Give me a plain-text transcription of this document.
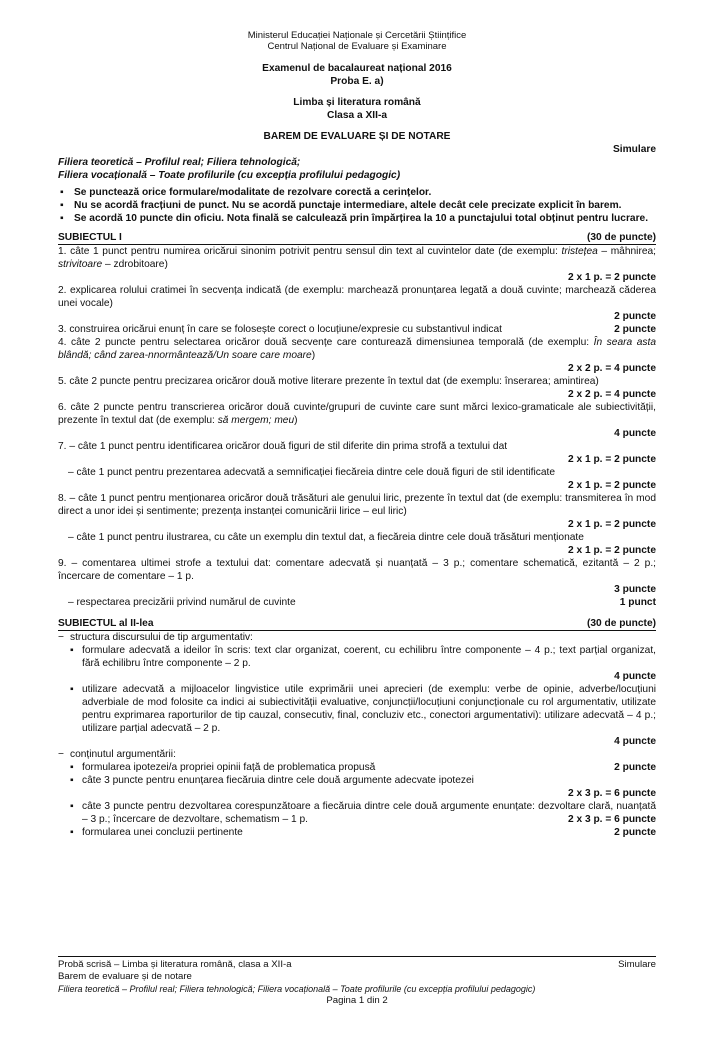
Ministerul Educației Naționale și Cercetării Științifice
Centrul Național de Evaluare și Examinare
Examenul de bacalaureat național 2016
Proba E. a)
Limba și literatura română
Clasa a XII-a
BAREM DE EVALUARE ȘI DE NOTARE
Simulare
Filiera teoretică – Profilul real; Filiera tehnologică;
Filiera vocațională – Toate profilurile (cu excepția profilului pedagogic)

▪ Se punctează orice formulare/modalitate de rezolvare corectă a cerințelor.

▪ Nu se acordă fracțiuni de punct. Nu se acordă punctaje intermediare, altele decât cele precizate explicit în barem.

▪ Se acordă 10 puncte din oficiu. Nota finală se calculează prin împărțirea la 10 a punctajului total obținut pentru lucrare.

SUBIECTUL I	(30 de puncte)
1. câte 1 punct pentru numirea oricărui sinonim potrivit pentru sensul din text al cuvintelor date (de exemplu: tristețea – mâhnirea; strivitoare – zdrobitoare)
2 x 1 p. = 2 puncte
2. explicarea rolului cratimei în secvența indicată (de exemplu: marchează pronunțarea legată a două cuvinte; marchează căderea unei vocale)
2 puncte
3. construirea oricărui enunț în care se folosește corect o locuțiune/expresie cu substantivul indicat	2 puncte
4. câte 2 puncte pentru selectarea oricăror două secvențe care conturează dimensiunea temporală (de exemplu: În seara asta blândă; când zarea-nnormântează/Un soare care moare)
2 x 2 p. = 4 puncte
5. câte 2 puncte pentru precizarea oricăror două motive literare prezente în textul dat (de exemplu: înserarea; amintirea)
2 x 2 p. = 4 puncte
6. câte 2 puncte pentru transcrierea oricăror două cuvinte/grupuri de cuvinte care sunt mărci lexico-gramaticale ale subiectivității, prezente în textul dat (de exemplu: să mergem; meu)
4 puncte
7. – câte 1 punct pentru identificarea oricăror două figuri de stil diferite din prima strofă a textului dat
2 x 1 p. = 2 puncte
– câte 1 punct pentru prezentarea adecvată a semnificației fiecăreia dintre cele două figuri de stil identificate
2 x 1 p. = 2 puncte
8. – câte 1 punct pentru menționarea oricăror două trăsături ale genului liric, prezente în textul dat (de exemplu: transmiterea în mod direct a unor idei și sentimente; prezența instanței comunicării lirice – eul liric)
2 x 1 p. = 2 puncte
– câte 1 punct pentru ilustrarea, cu câte un exemplu din textul dat, a fiecăreia dintre cele două trăsături menționate
2 x 1 p. = 2 puncte
9. – comentarea ultimei strofe a textului dat: comentare adecvată și nuanțată – 3 p.; comentare schematică, ezitantă – 2 p.; încercare de comentare – 1 p.
3 puncte
– respectarea precizării privind numărul de cuvinte	1 punct
SUBIECTUL al II-lea	(30 de puncte)
− structura discursului de tip argumentativ:
▪ formulare adecvată a ideilor în scris: text clar organizat, coerent, cu echilibru între componente – 4 p.; text parțial organizat, fără echilibru între componente – 2 p.
4 puncte
▪ utilizare adecvată a mijloacelor lingvistice utile exprimării unei aprecieri (de exemplu: verbe de opinie, adverbe/locuțiuni adverbiale de mod folosite ca indici ai subiectivității evaluative, conjuncții/locuțiuni conjuncționale cu rol argumentativ, utilizate pentru exprimarea raporturilor de tip cauzal, consecutiv, final, concluziv etc., conectori argumentativi): utilizare adecvată – 4 p.; utilizare parțial adecvată – 2 p.
4 puncte
− conținutul argumentării:
▪ formularea ipotezei/a propriei opinii față de problematica propusă	2 puncte
▪ câte 3 puncte pentru enunțarea fiecăruia dintre cele două argumente adecvate ipotezei
2 x 3 p. = 6 puncte
▪ câte 3 puncte pentru dezvoltarea corespunzătoare a fiecăruia dintre cele două argumente enunțate: dezvoltare clară, nuanțată – 3 p.; încercare de dezvoltare, schematism – 1 p.	2 x 3 p. = 6 puncte
▪ formularea unei concluzii pertinente	2 puncte
Probă scrisă – Limba și literatura română, clasa a XII-a	Simulare
Barem de evaluare și de notare
Filiera teoretică – Profilul real; Filiera tehnologică; Filiera vocațională – Toate profilurile (cu excepția profilului pedagogic)
Pagina 1 din 2
